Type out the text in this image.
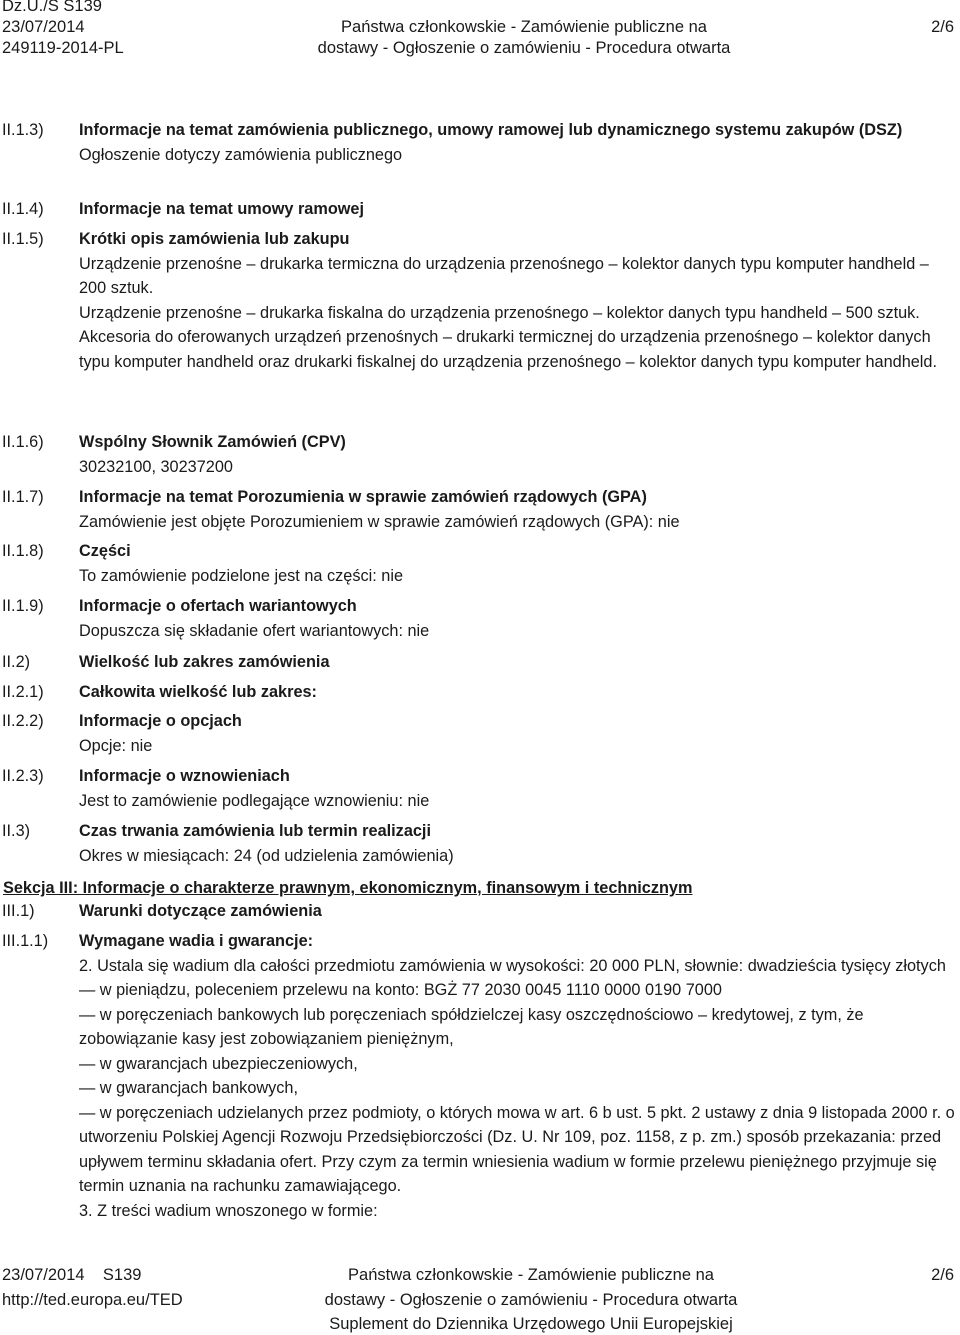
Dz.U./S S139
23/07/2014
249119-2014-PL
Państwa członkowskie - Zamówienie publiczne na
dostawy - Ogłoszenie o zamówieniu - Procedura otwarta
2/6
II.1.3)	Informacje na temat zamówienia publicznego, umowy ramowej lub dynamicznego systemu zakupów (DSZ)

Ogłoszenie dotyczy zamówienia publicznego

II.1.4)	Informacje na temat umowy ramowej

II.1.5)	Krótki opis zamówienia lub zakupu

Urządzenie przenośne – drukarka termiczna do urządzenia przenośnego – kolektor danych typu komputer handheld – 200 sztuk.

Urządzenie przenośne – drukarka fiskalna do urządzenia przenośnego – kolektor danych typu handheld – 500 sztuk.

Akcesoria do oferowanych urządzeń przenośnych – drukarki termicznej do urządzenia przenośnego – kolektor danych typu komputer handheld oraz drukarki fiskalnej do urządzenia przenośnego – kolektor danych typu komputer handheld.

II.1.6)	Wspólny Słownik Zamówień (CPV)

30232100, 30237200

II.1.7)	Informacje na temat Porozumienia w sprawie zamówień rządowych (GPA)

Zamówienie jest objęte Porozumieniem w sprawie zamówień rządowych (GPA): nie

II.1.8)	Części

To zamówienie podzielone jest na części: nie

II.1.9)	Informacje o ofertach wariantowych

Dopuszcza się składanie ofert wariantowych: nie

II.2)	Wielkość lub zakres zamówienia

II.2.1)	Całkowita wielkość lub zakres:

II.2.2)	Informacje o opcjach

Opcje: nie

II.2.3)	Informacje o wznowieniach

Jest to zamówienie podlegające wznowieniu: nie

II.3)	Czas trwania zamówienia lub termin realizacji

Okres w miesiącach: 24 (od udzielenia zamówienia)

III.1)	Warunki dotyczące zamówienia

III.1.1)	Wymagane wadia i gwarancje:

2. Ustala się wadium dla całości przedmiotu zamówienia w wysokości: 20 000 PLN, słownie: dwadzieścia tysięcy złotych

— w pieniądzu, poleceniem przelewu na konto: BGŻ 77 2030 0045 1110 0000 0190 7000

— w poręczeniach bankowych lub poręczeniach spółdzielczej kasy oszczędnościowo – kredytowej, z tym, że zobowiązanie kasy jest zobowiązaniem pieniężnym,

— w gwarancjach ubezpieczeniowych,

— w gwarancjach bankowych,

— w poręczeniach udzielanych przez podmioty, o których mowa w art. 6 b ust. 5 pkt. 2 ustawy z dnia 9 listopada 2000 r. o utworzeniu Polskiej Agencji Rozwoju Przedsiębiorczości (Dz. U. Nr 109, poz. 1158, z p. zm.) sposób przekazania: przed upływem terminu składania ofert. Przy czym za termin wniesienia wadium w formie przelewu pieniężnego przyjmuje się termin uznania na rachunku zamawiającego.

3. Z treści wadium wnoszonego w formie:

Sekcja III: Informacje o charakterze prawnym, ekonomicznym, finansowym i technicznym
23/07/2014    S139
http://ted.europa.eu/TED
Państwa członkowskie - Zamówienie publiczne na
dostawy - Ogłoszenie o zamówieniu - Procedura otwarta
Suplement do Dziennika Urzędowego Unii Europejskiej
2/6
